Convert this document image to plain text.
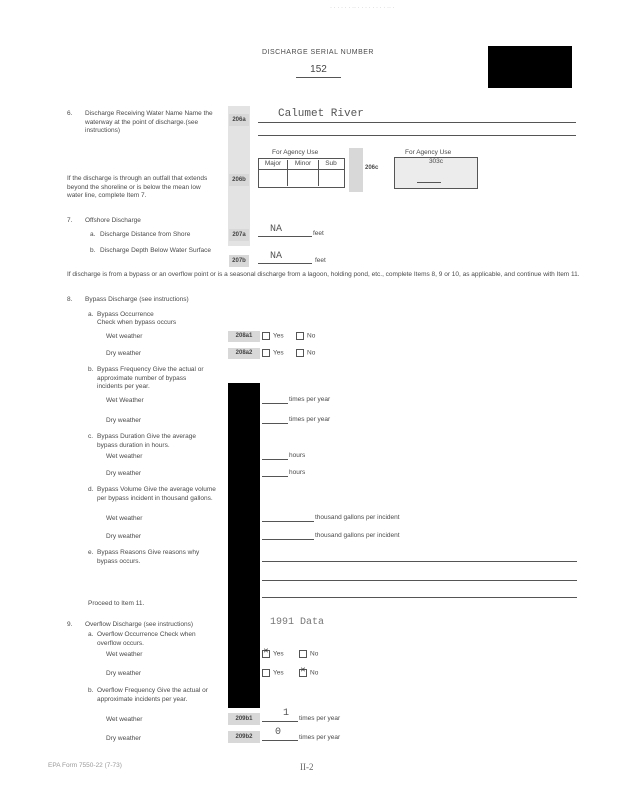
· · · · · · ·· · · · · · · · · ·· ·
DISCHARGE SERIAL NUMBER
152
6. Discharge Receiving Water Name Name the waterway at the point of discharge.(see instructions)
206a	Calumet River
For Agency Use
Major	Minor	Sub
206c
For Agency Use
303c
If the discharge is through an outfall that extends beyond the shoreline or is below the mean low water line, complete Item 7.
206b
7. Offshore Discharge
a. Discharge Distance from Shore	207a	NA	feet
b. Discharge Depth Below Water Surface
207b	NA	feet
If discharge is from a bypass or an overflow point or is a seasonal discharge from a lagoon, holding pond, etc., complete Items 8, 9 or 10, as applicable, and continue with Item 11.
8. Bypass Discharge (see instructions)
a. Bypass Occurrence
Check when bypass occurs
Wet weather	208a1	Yes	No
Dry weather	208a2	Yes	No
b. Bypass Frequency Give the actual or approximate number of bypass incidents per year.
Wet Weather	times per year
Dry weather	times per year
c. Bypass Duration Give the average bypass duration in hours.
Wet weather	hours
Dry weather	hours
d. Bypass Volume Give the average volume per bypass incident in thousand gallons.
Wet weather	thousand gallons per incident
Dry weather	thousand gallons per incident
e. Bypass Reasons Give reasons why bypass occurs.
Proceed to Item 11.
9. Overflow Discharge (see instructions)	1991 Data
a. Overflow Occurrence Check when overflow occurs.
Wet weather ✕	Yes	No
Dry weather	Yes ✕	No
b. Overflow Frequency Give the actual or approximate incidents per year.
Wet weather	209b1	1 times per year
Dry weather	209b2	0	times per year
EPA Form 7550-22 (7-73)	II-2
